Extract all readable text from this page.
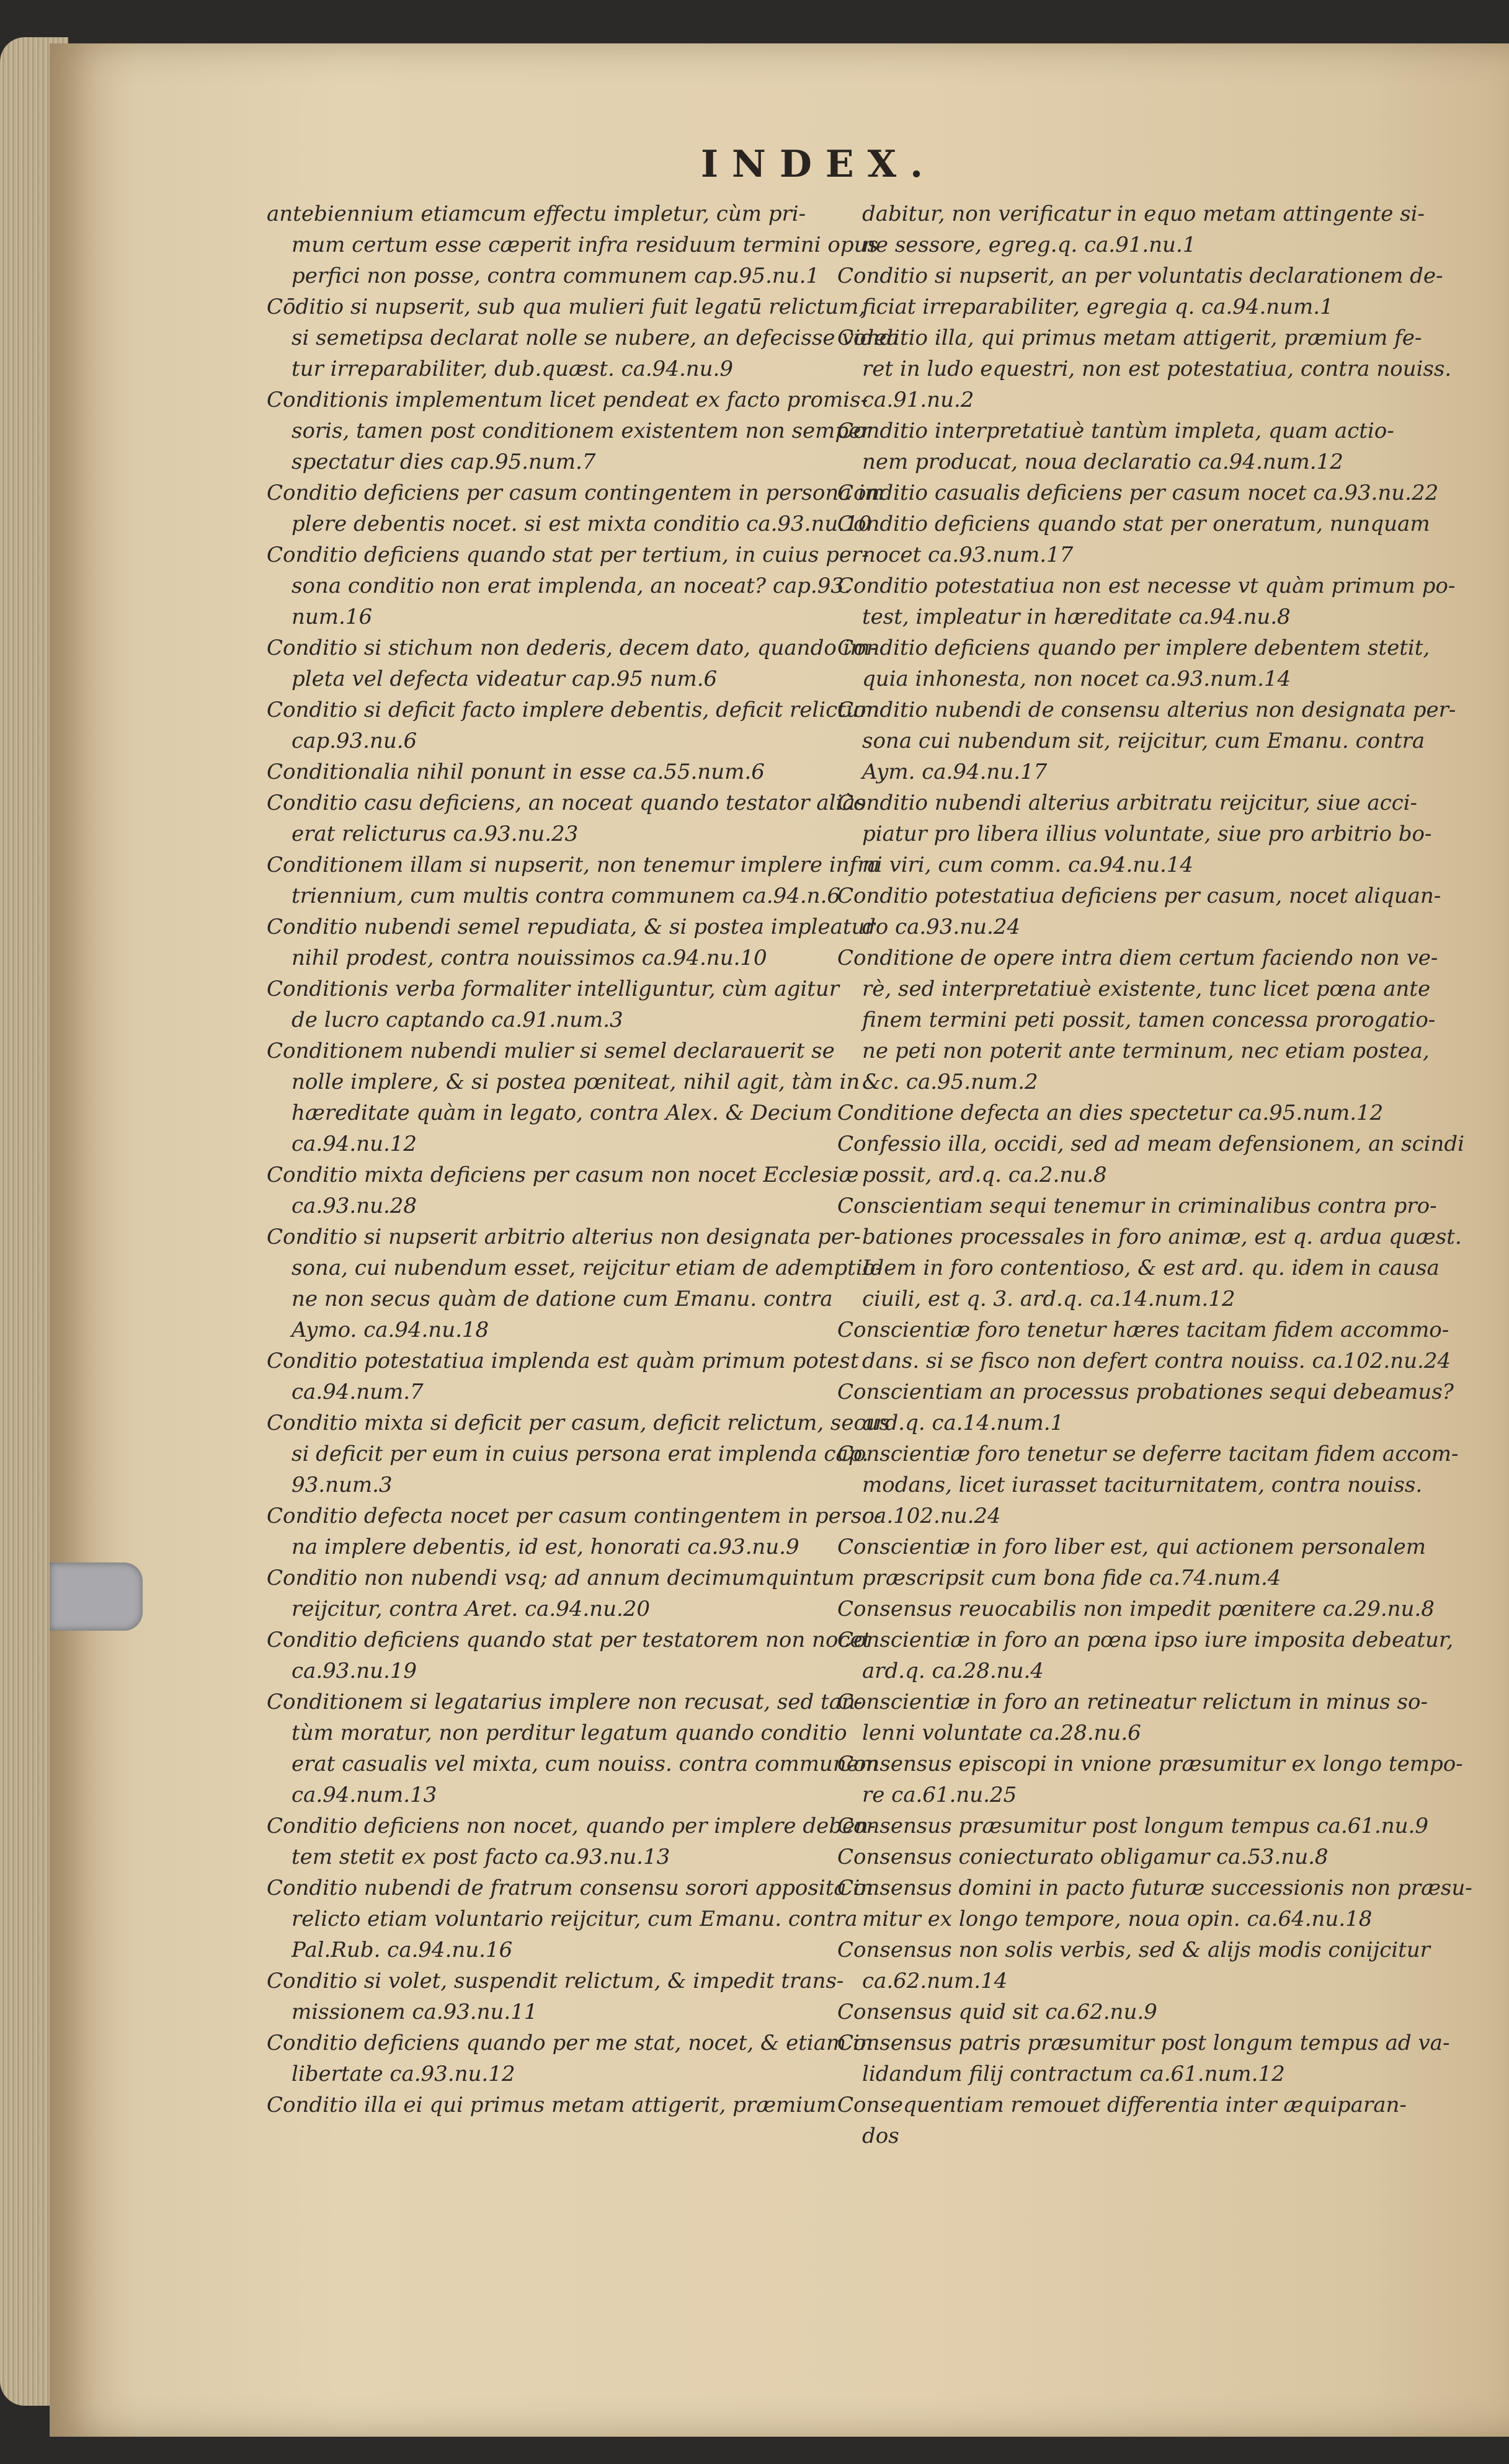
INDEX.
antebiennium etiamcum effectu impletur, cùm pri-
mum certum esse cæperit infra residuum termini opus
perfici non posse, contra communem cap.95.nu.1
Cōditio si nupserit, sub qua mulieri fuit legatū relictum,
si semetipsa declarat nolle se nubere, an defecisse videa
tur irreparabiliter, dub.quæst. ca.94.nu.9
Conditionis implementum licet pendeat ex facto promis-
soris, tamen post conditionem existentem non semper
spectatur dies cap.95.num.7
Conditio deficiens per casum contingentem in persona im
plere debentis nocet. si est mixta conditio ca.93.nu.10
Conditio deficiens quando stat per tertium, in cuius per-
sona conditio non erat implenda, an noceat? cap.93.
num.16
Conditio si stichum non dederis, decem dato, quando im-
pleta vel defecta videatur cap.95 num.6
Conditio si deficit facto implere debentis, deficit relictum
cap.93.nu.6
Conditionalia nihil ponunt in esse ca.55.num.6
Conditio casu deficiens, an noceat quando testator aliàs
erat relicturus ca.93.nu.23
Conditionem illam si nupserit, non tenemur implere infra
triennium, cum multis contra communem ca.94.n.6
Conditio nubendi semel repudiata, & si postea impleatur
nihil prodest, contra nouissimos ca.94.nu.10
Conditionis verba formaliter intelliguntur, cùm agitur
de lucro captando ca.91.num.3
Conditionem nubendi mulier si semel declarauerit se
nolle implere, & si postea pœniteat, nihil agit, tàm in
hæreditate quàm in legato, contra Alex. & Decium
ca.94.nu.12
Conditio mixta deficiens per casum non nocet Ecclesiæ
ca.93.nu.28
Conditio si nupserit arbitrio alterius non designata per-
sona, cui nubendum esset, reijcitur etiam de ademptio-
ne non secus quàm de datione cum Emanu. contra
Aymo. ca.94.nu.18
Conditio potestatiua implenda est quàm primum potest
ca.94.num.7
Conditio mixta si deficit per casum, deficit relictum, secus
si deficit per eum in cuius persona erat implenda cap.
93.num.3
Conditio defecta nocet per casum contingentem in perso-
na implere debentis, id est, honorati ca.93.nu.9
Conditio non nubendi vsq; ad annum decimumquintum
reijcitur, contra Aret. ca.94.nu.20
Conditio deficiens quando stat per testatorem non nocet
ca.93.nu.19
Conditionem si legatarius implere non recusat, sed tan-
tùm moratur, non perditur legatum quando conditio
erat casualis vel mixta, cum nouiss. contra communem
ca.94.num.13
Conditio deficiens non nocet, quando per implere deben-
tem stetit ex post facto ca.93.nu.13
Conditio nubendi de fratrum consensu sorori apposita in
relicto etiam voluntario reijcitur, cum Emanu. contra
Pal.Rub. ca.94.nu.16
Conditio si volet, suspendit relictum, & impedit trans-
missionem ca.93.nu.11
Conditio deficiens quando per me stat, nocet, & etiam in
libertate ca.93.nu.12
Conditio illa ei qui primus metam attigerit, præmium
dabitur, non verificatur in equo metam attingente si-
ne sessore, egreg.q. ca.91.nu.1
Conditio si nupserit, an per voluntatis declarationem de-
ficiat irreparabiliter, egregia q. ca.94.num.1
Conditio illa, qui primus metam attigerit, præmium fe-
ret in ludo equestri, non est potestatiua, contra nouiss.
ca.91.nu.2
Conditio interpretatiuè tantùm impleta, quam actio-
nem producat, noua declaratio ca.94.num.12
Conditio casualis deficiens per casum nocet ca.93.nu.22
Conditio deficiens quando stat per oneratum, nunquam
nocet ca.93.num.17
Conditio potestatiua non est necesse vt quàm primum po-
test, impleatur in hæreditate ca.94.nu.8
Conditio deficiens quando per implere debentem stetit,
quia inhonesta, non nocet ca.93.num.14
Conditio nubendi de consensu alterius non designata per-
sona cui nubendum sit, reijcitur, cum Emanu. contra
Aym. ca.94.nu.17
Conditio nubendi alterius arbitratu reijcitur, siue acci-
piatur pro libera illius voluntate, siue pro arbitrio bo-
ni viri, cum comm. ca.94.nu.14
Conditio potestatiua deficiens per casum, nocet aliquan-
do ca.93.nu.24
Conditione de opere intra diem certum faciendo non ve-
rè, sed interpretatiuè existente, tunc licet pœna ante
finem termini peti possit, tamen concessa prorogatio-
ne peti non poterit ante terminum, nec etiam postea,
&c. ca.95.num.2
Conditione defecta an dies spectetur ca.95.num.12
Confessio illa, occidi, sed ad meam defensionem, an scindi
possit, ard.q. ca.2.nu.8
Conscientiam sequi tenemur in criminalibus contra pro-
bationes processales in foro animæ, est q. ardua quæst.
Idem in foro contentioso, & est ard. qu. idem in causa
ciuili, est q. 3. ard.q. ca.14.num.12
Conscientiæ foro tenetur hæres tacitam fidem accommo-
dans. si se fisco non defert contra nouiss. ca.102.nu.24
Conscientiam an processus probationes sequi debeamus?
ard.q. ca.14.num.1
Conscientiæ foro tenetur se deferre tacitam fidem accom-
modans, licet iurasset taciturnitatem, contra nouiss.
ca.102.nu.24
Conscientiæ in foro liber est, qui actionem personalem
præscripsit cum bona fide ca.74.num.4
Consensus reuocabilis non impedit pœnitere ca.29.nu.8
Conscientiæ in foro an pœna ipso iure imposita debeatur,
ard.q. ca.28.nu.4
Conscientiæ in foro an retineatur relictum in minus so-
lenni voluntate ca.28.nu.6
Consensus episcopi in vnione præsumitur ex longo tempo-
re ca.61.nu.25
Consensus præsumitur post longum tempus ca.61.nu.9
Consensus coniecturato obligamur ca.53.nu.8
Consensus domini in pacto futuræ successionis non præsu-
mitur ex longo tempore, noua opin. ca.64.nu.18
Consensus non solis verbis, sed & alijs modis conijcitur
ca.62.num.14
Consensus quid sit ca.62.nu.9
Consensus patris præsumitur post longum tempus ad va-
lidandum filij contractum ca.61.num.12
Consequentiam remouet differentia inter æquiparan-
dos
